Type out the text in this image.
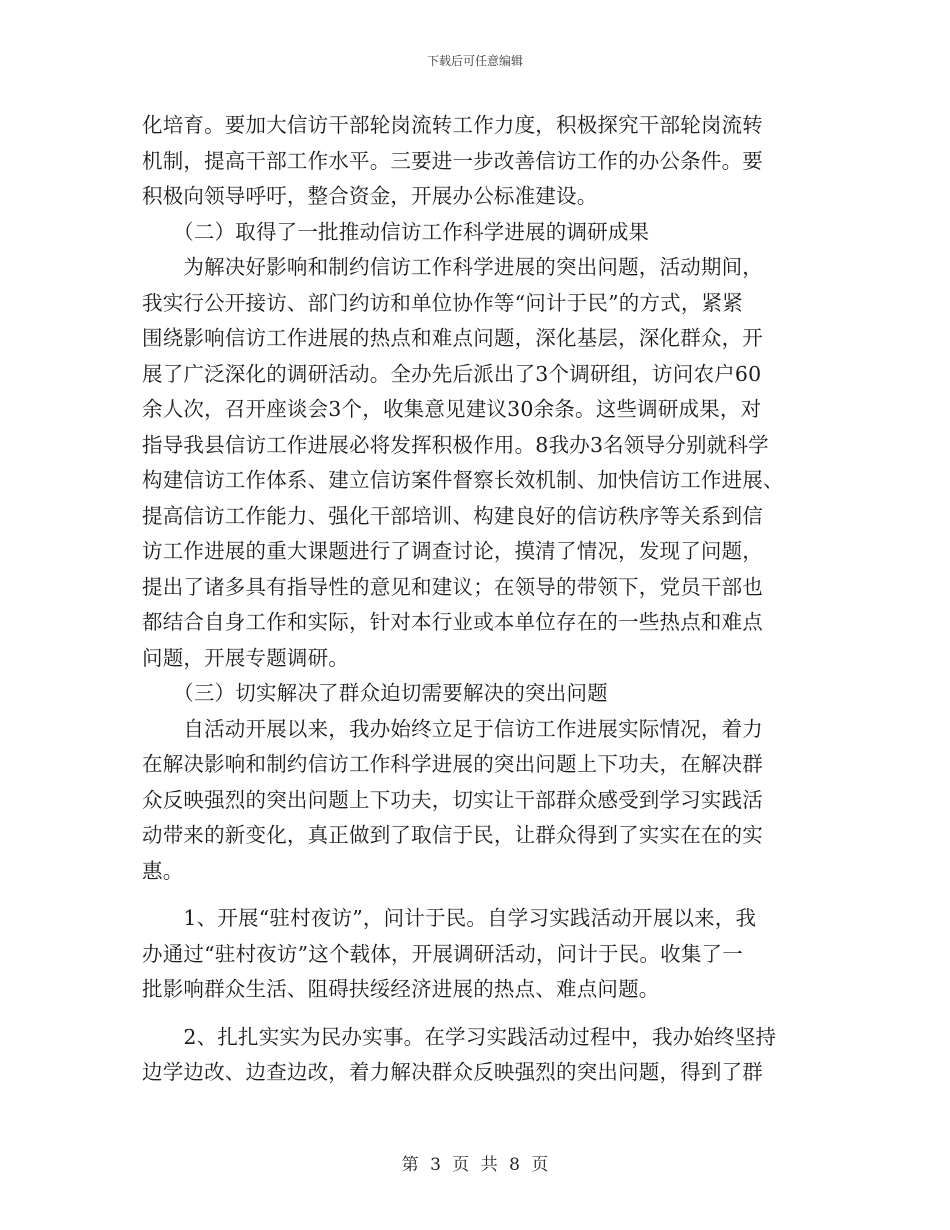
下载后可任意编辑
化培育。要加大信访干部轮岗流转工作力度，积极探究干部轮岗流转
机制，提高干部工作水平。三要进一步改善信访工作的办公条件。要
积极向领导呼吁，整合资金，开展办公标准建设。
　　（二）取得了一批推动信访工作科学进展的调研成果
　　为解决好影响和制约信访工作科学进展的突出问题，活动期间，
我实行公开接访、部门约访和单位协作等“问计于民”的方式，紧紧
围绕影响信访工作进展的热点和难点问题，深化基层，深化群众，开
展了广泛深化的调研活动。全办先后派出了3个调研组，访问农户60
余人次，召开座谈会3个，收集意见建议30余条。这些调研成果，对
指导我县信访工作进展必将发挥积极作用。8我办3名领导分别就科学
构建信访工作体系、建立信访案件督察长效机制、加快信访工作进展、
提高信访工作能力、强化干部培训、构建良好的信访秩序等关系到信
访工作进展的重大课题进行了调查讨论，摸清了情况，发现了问题，
提出了诸多具有指导性的意见和建议；在领导的带领下，党员干部也
都结合自身工作和实际，针对本行业或本单位存在的一些热点和难点
问题，开展专题调研。
　　（三）切实解决了群众迫切需要解决的突出问题
　　自活动开展以来，我办始终立足于信访工作进展实际情况，着力
在解决影响和制约信访工作科学进展的突出问题上下功夫，在解决群
众反映强烈的突出问题上下功夫，切实让干部群众感受到学习实践活
动带来的新变化，真正做到了取信于民，让群众得到了实实在在的实
惠。
　　1、开展“驻村夜访”，问计于民。自学习实践活动开展以来，我
办通过“驻村夜访”这个载体，开展调研活动，问计于民。收集了一
批影响群众生活、阻碍扶绥经济进展的热点、难点问题。
　　2、扎扎实实为民办实事。在学习实践活动过程中，我办始终坚持
边学边改、边查边改，着力解决群众反映强烈的突出问题，得到了群
第 3 页 共 8 页
